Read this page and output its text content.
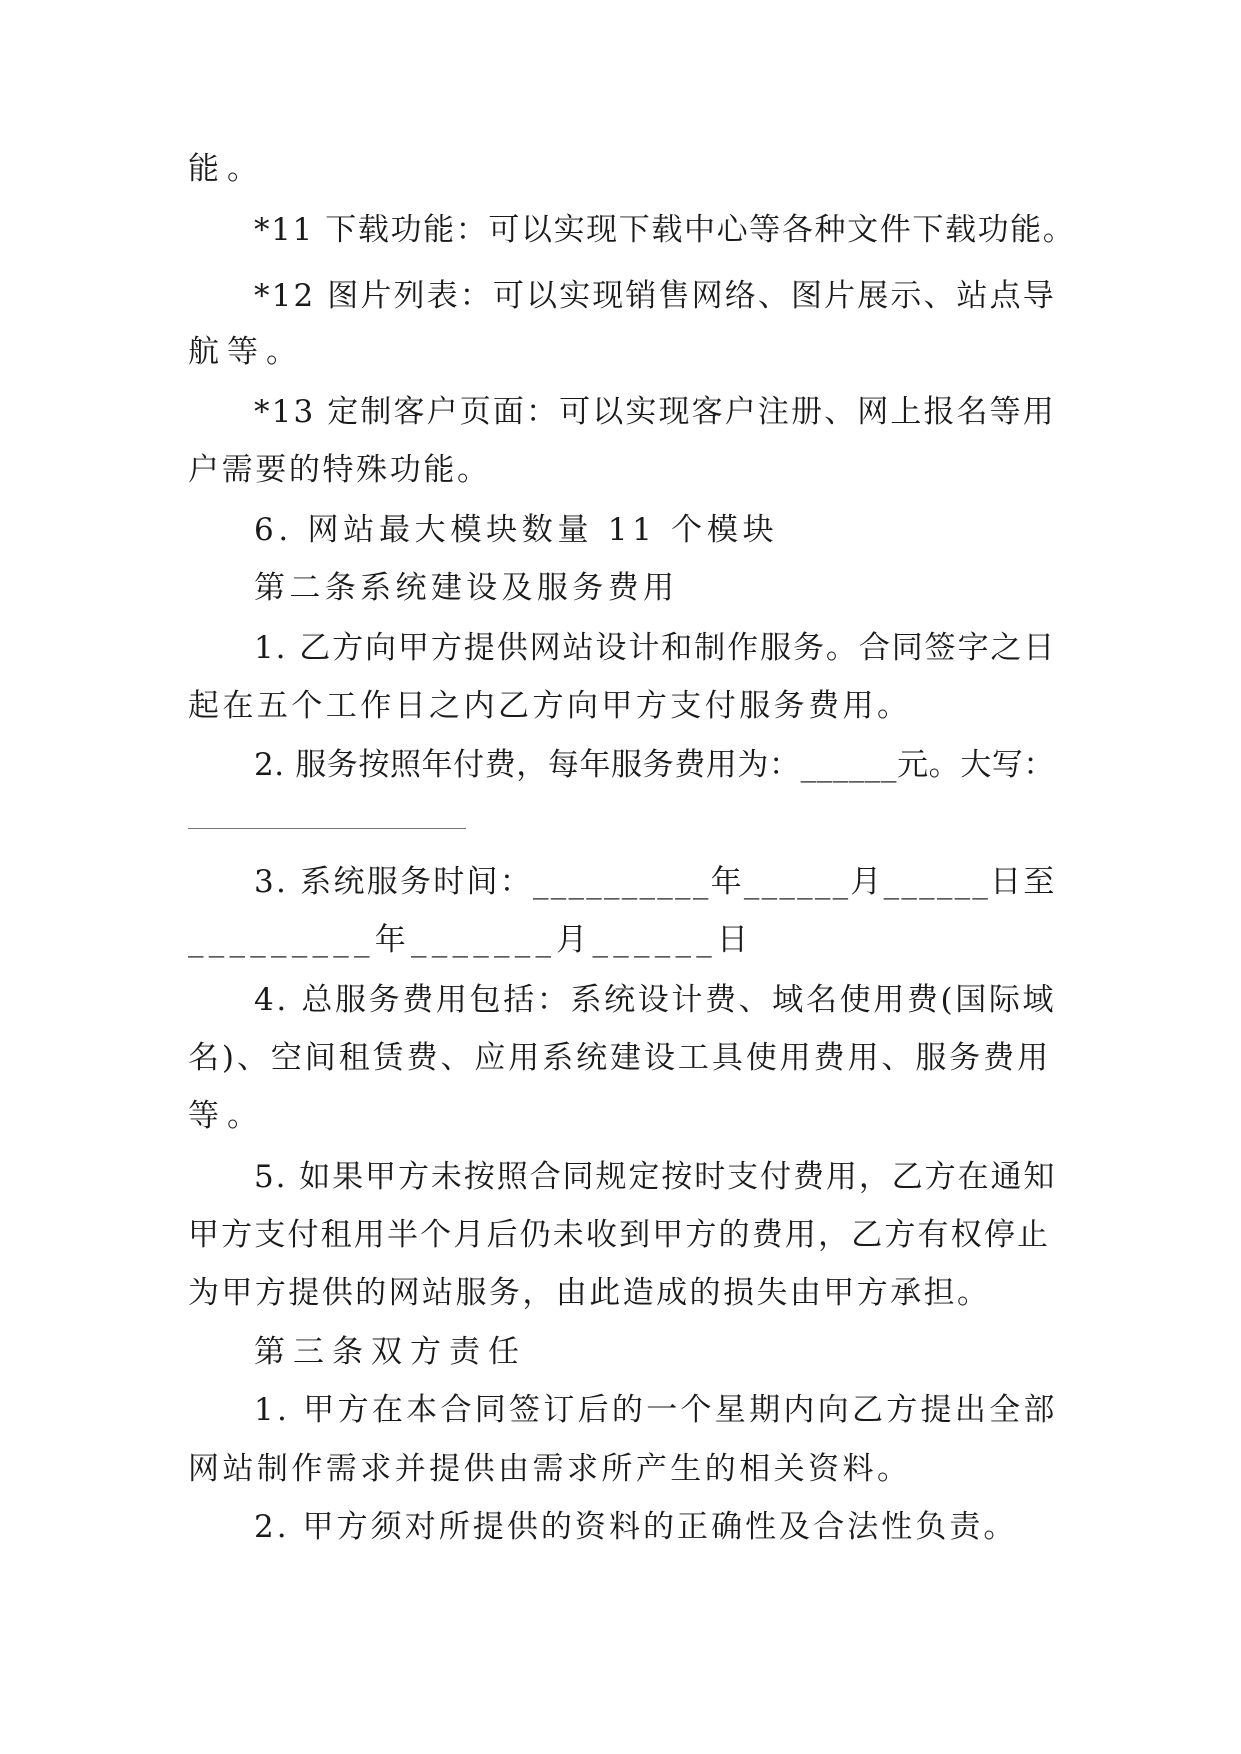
能。
*11 下载功能：可以实现下载中心等各种文件下载功能。
*12 图片列表：可以实现销售网络、图片展示、站点导
航等。
*13 定制客户页面：可以实现客户注册、网上报名等用
户需要的特殊功能。
6. 网站最大模块数量 11 个模块
第二条系统建设及服务费用
1. 乙方向甲方提供网站设计和制作服务。合同签字之日
起在五个工作日之内乙方向甲方支付服务费用。
2. 服务按照年付费，每年服务费用为：______元。大写：
3. 系统服务时间：__________年______月______日至
_________年_______月______日
4. 总服务费用包括：系统设计费、域名使用费(国际域
名)、空间租赁费、应用系统建设工具使用费用、服务费用
等。
5. 如果甲方未按照合同规定按时支付费用，乙方在通知
甲方支付租用半个月后仍未收到甲方的费用，乙方有权停止
为甲方提供的网站服务，由此造成的损失由甲方承担。
第三条双方责任
1. 甲方在本合同签订后的一个星期内向乙方提出全部
网站制作需求并提供由需求所产生的相关资料。
2. 甲方须对所提供的资料的正确性及合法性负责。
